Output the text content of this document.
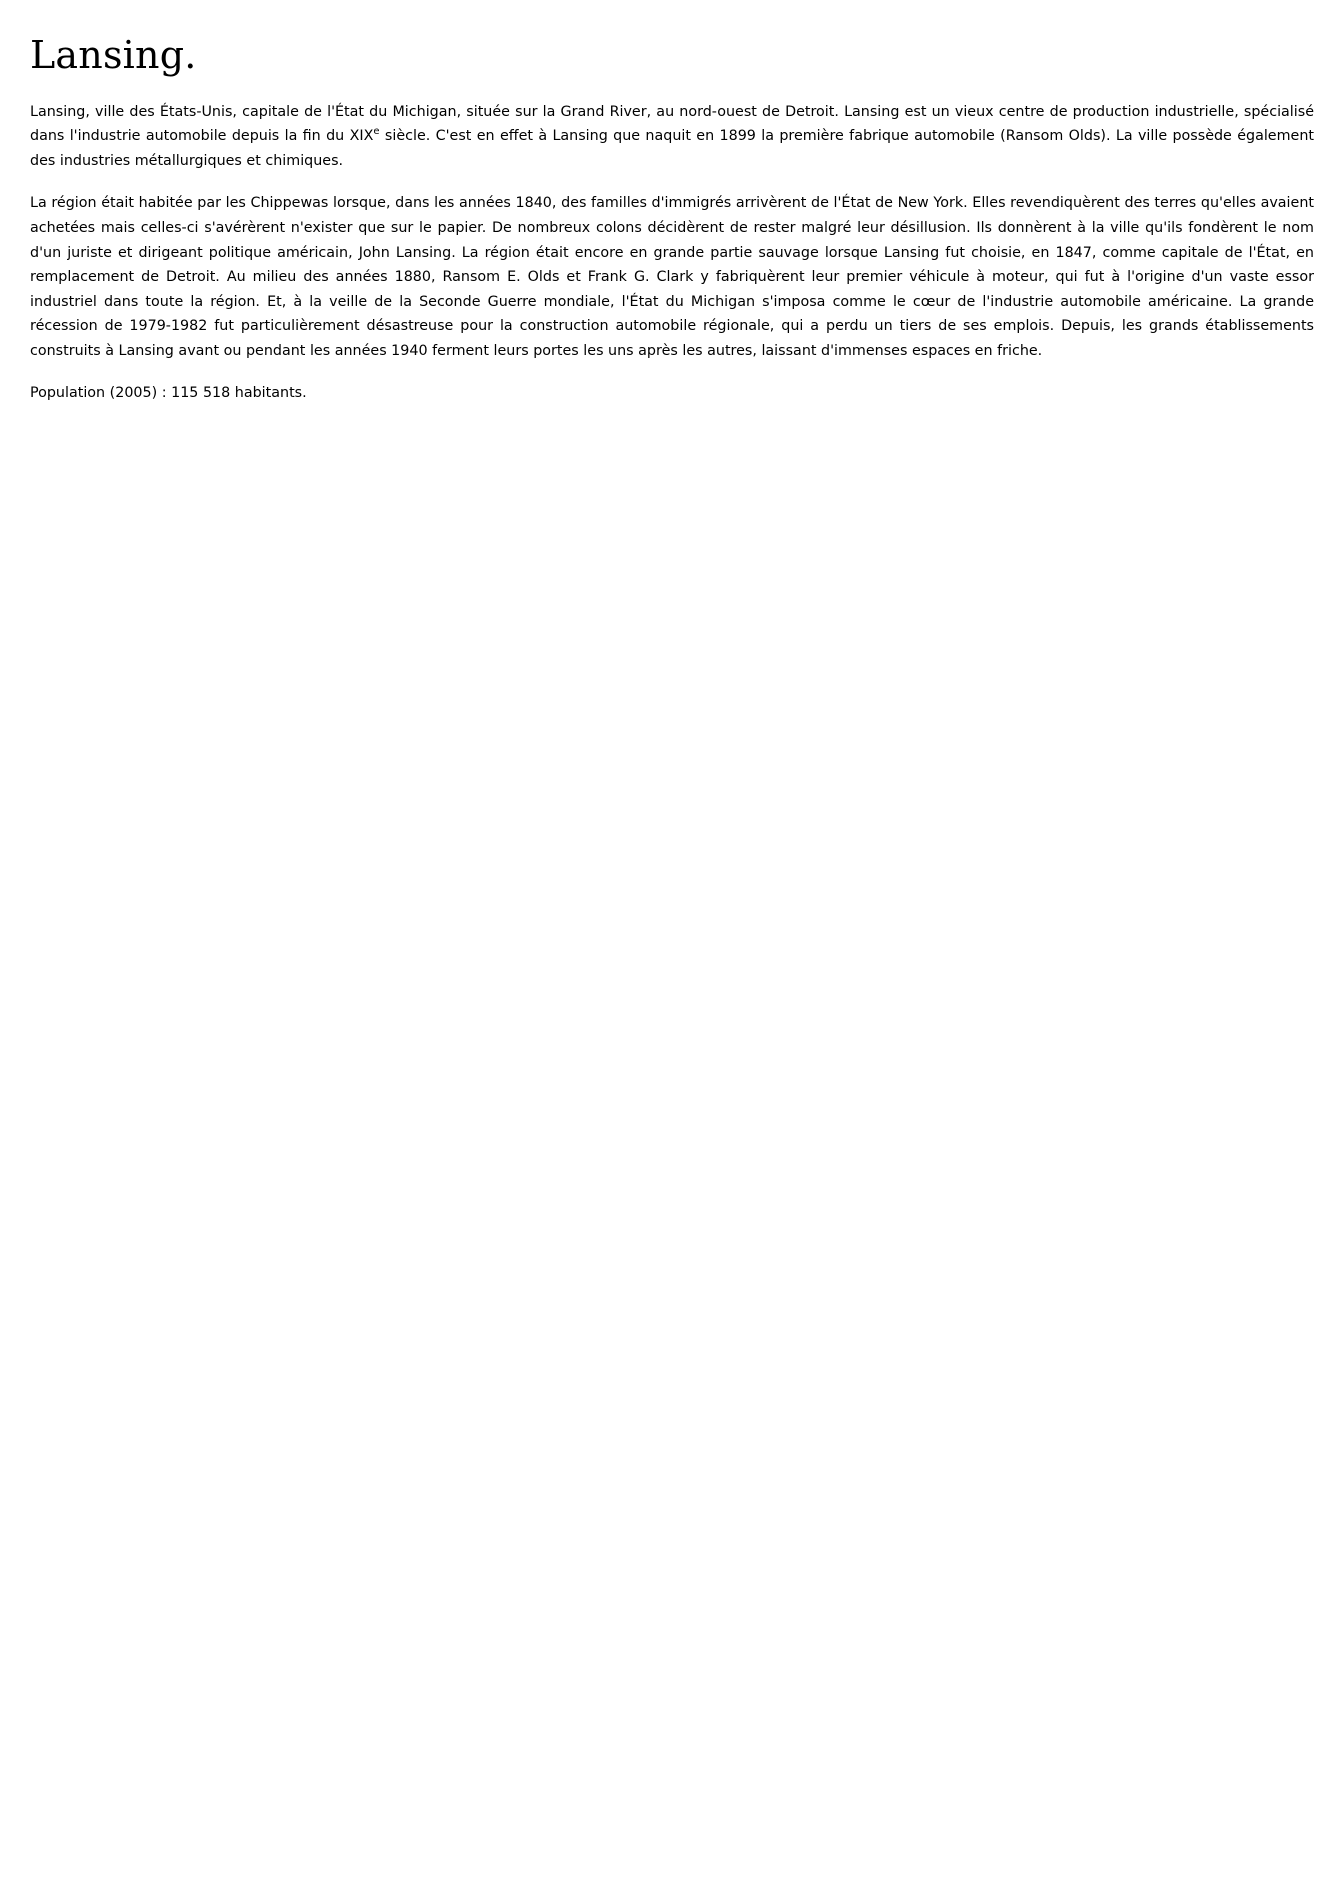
Lansing.

Lansing, ville des États-Unis, capitale de l'État du Michigan, située sur la Grand River, au nord-ouest de Detroit. Lansing est un vieux centre de production industrielle, spécialisé dans l'industrie automobile depuis la fin du XIXe siècle. C'est en effet à Lansing que naquit en 1899 la première fabrique automobile (Ransom Olds). La ville possède également des industries métallurgiques et chimiques.

La région était habitée par les Chippewas lorsque, dans les années 1840, des familles d'immigrés arrivèrent de l'État de New York. Elles revendiquèrent des terres qu'elles avaient achetées mais celles-ci s'avérèrent n'exister que sur le papier. De nombreux colons décidèrent de rester malgré leur désillusion. Ils donnèrent à la ville qu'ils fondèrent le nom d'un juriste et dirigeant politique américain, John Lansing. La région était encore en grande partie sauvage lorsque Lansing fut choisie, en 1847, comme capitale de l'État, en remplacement de Detroit. Au milieu des années 1880, Ransom E. Olds et Frank G. Clark y fabriquèrent leur premier véhicule à moteur, qui fut à l'origine d'un vaste essor industriel dans toute la région. Et, à la veille de la Seconde Guerre mondiale, l'État du Michigan s'imposa comme le cœur de l'industrie automobile américaine. La grande récession de 1979-1982 fut particulièrement désastreuse pour la construction automobile régionale, qui a perdu un tiers de ses emplois. Depuis, les grands établissements construits à Lansing avant ou pendant les années 1940 ferment leurs portes les uns après les autres, laissant d'immenses espaces en friche.

Population (2005) : 115 518 habitants.
